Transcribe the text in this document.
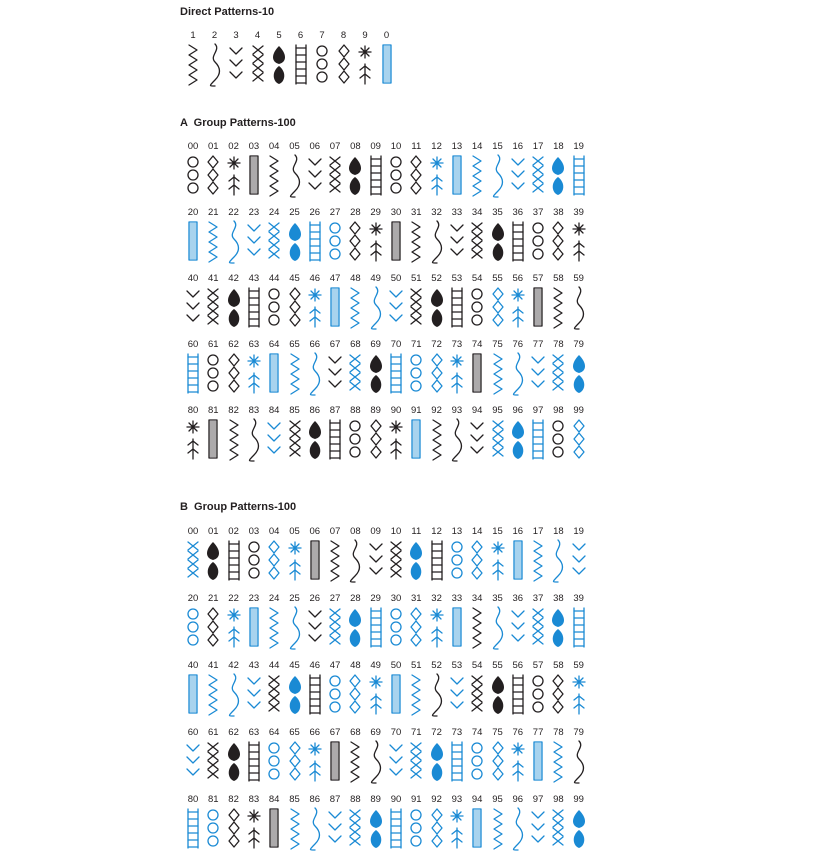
Direct Patterns-10
1	2	3	4	5	6	7	8	9	0
A  Group Patterns-100
00	01	02	03	04	05	06	07	08	09	10	11	12	13	14	15	16	17	18	19
20	21	22	23	24	25	26	27	28	29	30	31	32	33	34	35	36	37	38	39
40	41	42	43	44	45	46	47	48	49	50	51	52	53	54	55	56	57	58	59
60	61	62	63	64	65	66	67	68	69	70	71	72	73	74	75	76	77	78	79
80	81	82	83	84	85	86	87	88	89	90	91	92	93	94	95	96	97	98	99
B  Group Patterns-100
00	01	02	03	04	05	06	07	08	09	10	11	12	13	14	15	16	17	18	19
20	21	22	23	24	25	26	27	28	29	30	31	32	33	34	35	36	37	38	39
40	41	42	43	44	45	46	47	48	49	50	51	52	53	54	55	56	57	58	59
60	61	62	63	64	65	66	67	68	69	70	71	72	73	74	75	76	77	78	79
80	81	82	83	84	85	86	87	88	89	90	91	92	93	94	95	96	97	98	99
